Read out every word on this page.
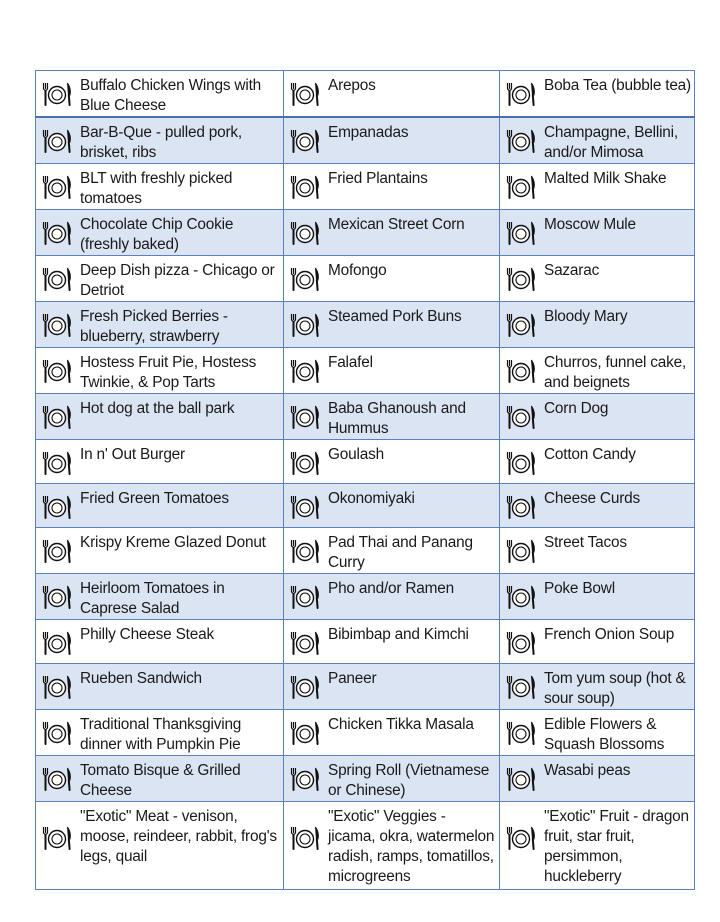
Buffalo Chicken Wings with Blue Cheese	Arepos	Boba Tea (bubble tea)

Bar-B-Que - pulled pork, brisket, ribs	Empanadas	Champagne, Bellini, and/or Mimosa

BLT with freshly picked tomatoes	Fried Plantains	Malted Milk Shake

Chocolate Chip Cookie (freshly baked)	Mexican Street Corn	Moscow Mule

Deep Dish pizza - Chicago or Detriot	Mofongo	Sazarac

Fresh Picked Berries - blueberry, strawberry	Steamed Pork Buns	Bloody Mary

Hostess Fruit Pie, Hostess Twinkie, & Pop Tarts	Falafel	Churros, funnel cake, and beignets

Hot dog at the ball park	Baba Ghanoush and Hummus	Corn Dog

In n' Out Burger	Goulash	Cotton Candy

Fried Green Tomatoes	Okonomiyaki	Cheese Curds

Krispy Kreme Glazed Donut	Pad Thai and Panang Curry	Street Tacos

Heirloom Tomatoes in Caprese Salad	Pho and/or Ramen	Poke Bowl

Philly Cheese Steak	Bibimbap and Kimchi	French Onion Soup

Rueben Sandwich	Paneer	Tom yum soup (hot & sour soup)

Traditional Thanksgiving dinner with Pumpkin Pie	Chicken Tikka Masala	Edible Flowers & Squash Blossoms

Tomato Bisque & Grilled Cheese	Spring Roll (Vietnamese or Chinese)	Wasabi peas

"Exotic" Meat - venison, moose, reindeer, rabbit, frog's legs, quail	"Exotic" Veggies - jicama, okra, watermelon radish, ramps, tomatillos, microgreens	"Exotic" Fruit - dragon fruit, star fruit, persimmon, huckleberry
